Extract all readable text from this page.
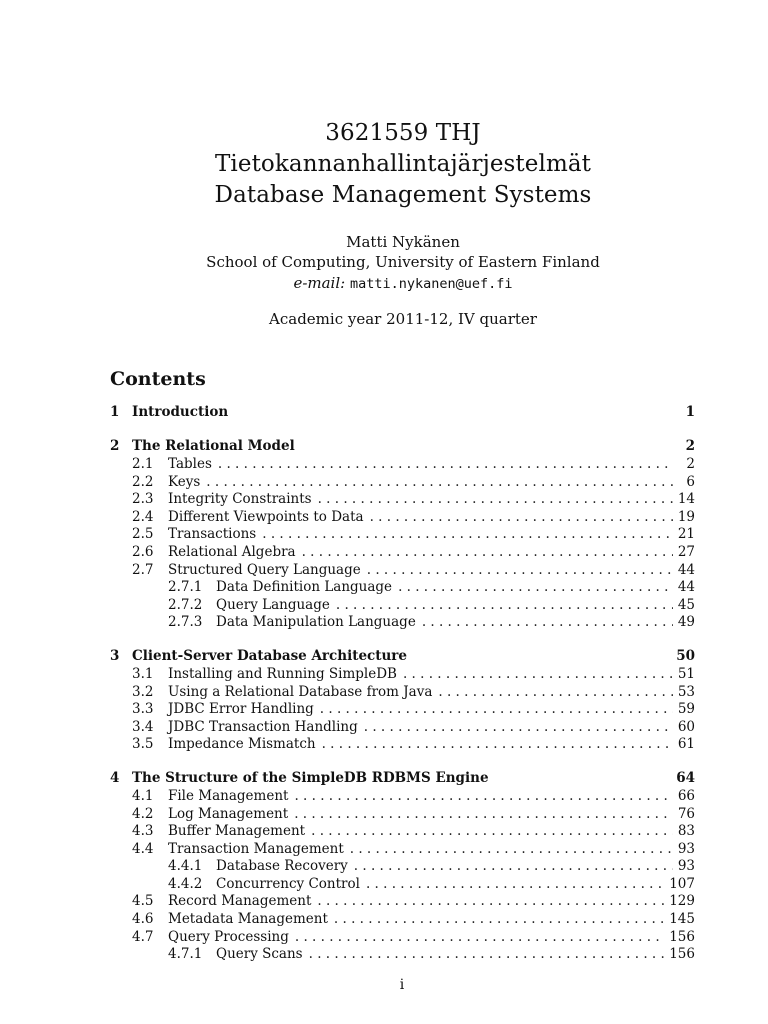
3621559 THJ
Tietokannanhallintajärjestelmät
Database Management Systems
Matti Nykänen
School of Computing, University of Eastern Finland
e-mail: matti.nykanen@uef.fi
Academic year 2011-12, IV quarter
Contents
1 Introduction	1
2 The Relational Model	2
2.1	Tables . . .	2
2.2	Keys . . .	6
2.3	Integrity Constraints . . .	14
2.4	Different Viewpoints to Data . . .	19
2.5	Transactions . . .	21
2.6	Relational Algebra . . .	27
2.7	Structured Query Language . . .	44
2.7.1	Data Definition Language . . .	44
2.7.2	Query Language . . .	45
2.7.3	Data Manipulation Language . . .	49
3 Client-Server Database Architecture	50
3.1	Installing and Running SimpleDB . . .	51
3.2	Using a Relational Database from Java . . .	53
3.3	JDBC Error Handling . . .	59
3.4	JDBC Transaction Handling . . .	60
3.5	Impedance Mismatch . . .	61
4 The Structure of the SimpleDB RDBMS Engine	64
4.1	File Management . . .	66
4.2	Log Management . . .	76
4.3	Buffer Management . . .	83
4.4	Transaction Management . . .	93
4.4.1	Database Recovery . . .	93
4.4.2	Concurrency Control . . .	107
4.5	Record Management . . .	129
4.6	Metadata Management . . .	145
4.7	Query Processing . . .	156
4.7.1	Query Scans . . .	156
i
